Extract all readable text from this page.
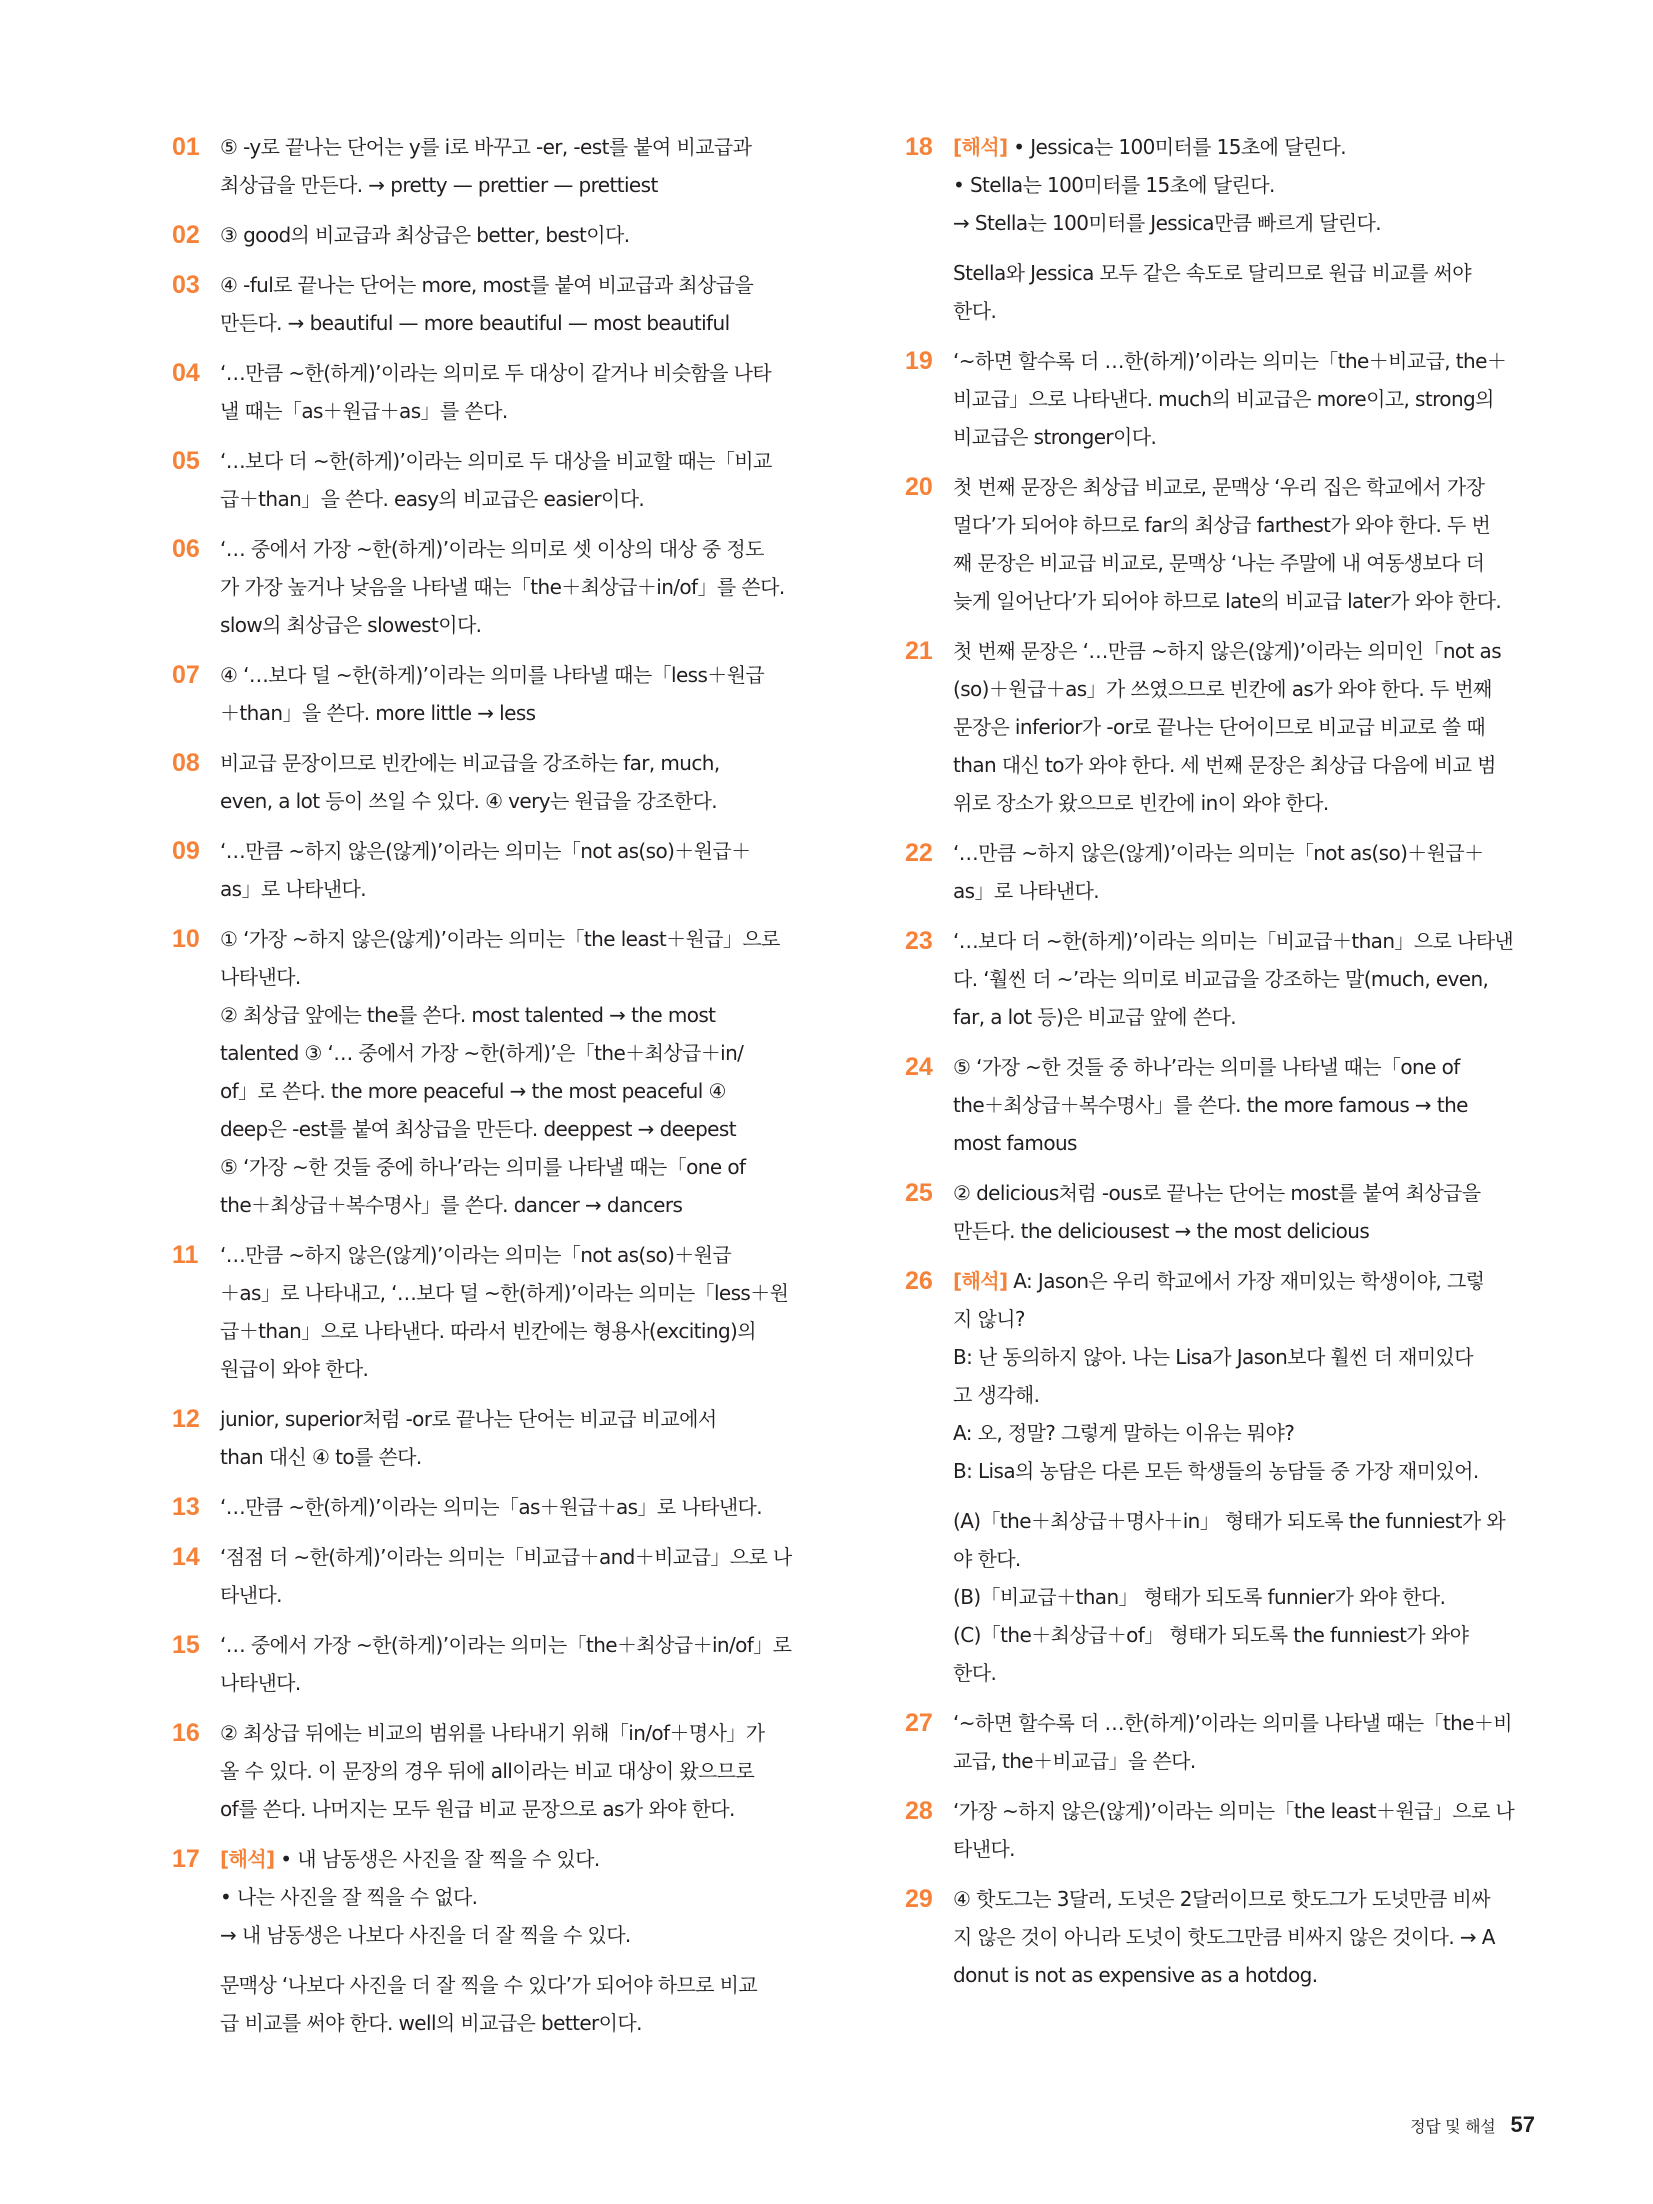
01 ⑤ -y로 끝나는 단어는 y를 i로 바꾸고 -er, -est를 붙여 비교급과
최상급을 만든다. → pretty — prettier — prettiest
02 ③ good의 비교급과 최상급은 better, best이다.
03 ④ -ful로 끝나는 단어는 more, most를 붙여 비교급과 최상급을
만든다. → beautiful — more beautiful — most beautiful
04 ‘…만큼 ~한(하게)’이라는 의미로 두 대상이 같거나 비슷함을 나타
낼 때는「as＋원급＋as」를 쓴다.
05 ‘…보다 더 ~한(하게)’이라는 의미로 두 대상을 비교할 때는「비교
급＋than」을 쓴다. easy의 비교급은 easier이다.
06 ‘… 중에서 가장 ~한(하게)’이라는 의미로 셋 이상의 대상 중 정도
가 가장 높거나 낮음을 나타낼 때는「the＋최상급＋in/of」를 쓴다.
slow의 최상급은 slowest이다.
07 ④ ‘…보다 덜 ~한(하게)’이라는 의미를 나타낼 때는「less＋원급
＋than」을 쓴다. more little → less
08 비교급 문장이므로 빈칸에는 비교급을 강조하는 far, much,
even, a lot 등이 쓰일 수 있다. ④ very는 원급을 강조한다.
09 ‘…만큼 ~하지 않은(않게)’이라는 의미는「not as(so)＋원급＋
as」로 나타낸다.
10 ① ‘가장 ~하지 않은(않게)’이라는 의미는「the least＋원급」으로
나타낸다.
② 최상급 앞에는 the를 쓴다. most talented → the most
talented ③ ‘… 중에서 가장 ~한(하게)’은「the＋최상급＋in/
of」로 쓴다. the more peaceful → the most peaceful ④
deep은 -est를 붙여 최상급을 만든다. deeppest → deepest
⑤ ‘가장 ~한 것들 중에 하나’라는 의미를 나타낼 때는「one of
the＋최상급＋복수명사」를 쓴다. dancer → dancers
11 ‘…만큼 ~하지 않은(않게)’이라는 의미는「not as(so)＋원급
＋as」로 나타내고, ‘…보다 덜 ~한(하게)’이라는 의미는「less＋원
급＋than」으로 나타낸다. 따라서 빈칸에는 형용사(exciting)의
원급이 와야 한다.
12 junior, superior처럼 -or로 끝나는 단어는 비교급 비교에서
than 대신 ④ to를 쓴다.
13 ‘…만큼 ~한(하게)’이라는 의미는「as＋원급＋as」로 나타낸다.
14 ‘점점 더 ~한(하게)’이라는 의미는「비교급＋and＋비교급」으로 나
타낸다.
15 ‘… 중에서 가장 ~한(하게)’이라는 의미는「the＋최상급＋in/of」로
나타낸다.
16 ② 최상급 뒤에는 비교의 범위를 나타내기 위해「in/of＋명사」가
올 수 있다. 이 문장의 경우 뒤에 all이라는 비교 대상이 왔으므로
of를 쓴다. 나머지는 모두 원급 비교 문장으로 as가 와야 한다.
17 [해석] • 내 남동생은 사진을 잘 찍을 수 있다.
• 나는 사진을 잘 찍을 수 없다.
→ 내 남동생은 나보다 사진을 더 잘 찍을 수 있다.
문맥상 ‘나보다 사진을 더 잘 찍을 수 있다’가 되어야 하므로 비교
급 비교를 써야 한다. well의 비교급은 better이다.
18 [해석] • Jessica는 100미터를 15초에 달린다.
• Stella는 100미터를 15초에 달린다.
→ Stella는 100미터를 Jessica만큼 빠르게 달린다.
Stella와 Jessica 모두 같은 속도로 달리므로 원급 비교를 써야
한다.
19 ‘~하면 할수록 더 …한(하게)’이라는 의미는「the＋비교급, the＋
비교급」으로 나타낸다. much의 비교급은 more이고, strong의
비교급은 stronger이다.
20 첫 번째 문장은 최상급 비교로, 문맥상 ‘우리 집은 학교에서 가장
멀다’가 되어야 하므로 far의 최상급 farthest가 와야 한다. 두 번
째 문장은 비교급 비교로, 문맥상 ‘나는 주말에 내 여동생보다 더
늦게 일어난다’가 되어야 하므로 late의 비교급 later가 와야 한다.
21 첫 번째 문장은 ‘…만큼 ~하지 않은(않게)’이라는 의미인「not as
(so)＋원급＋as」가 쓰였으므로 빈칸에 as가 와야 한다. 두 번째
문장은 inferior가 -or로 끝나는 단어이므로 비교급 비교로 쓸 때
than 대신 to가 와야 한다. 세 번째 문장은 최상급 다음에 비교 범
위로 장소가 왔으므로 빈칸에 in이 와야 한다.
22 ‘…만큼 ~하지 않은(않게)’이라는 의미는「not as(so)＋원급＋
as」로 나타낸다.
23 ‘…보다 더 ~한(하게)’이라는 의미는「비교급＋than」으로 나타낸
다. ‘훨씬 더 ~’라는 의미로 비교급을 강조하는 말(much, even,
far, a lot 등)은 비교급 앞에 쓴다.
24 ⑤ ‘가장 ~한 것들 중 하나’라는 의미를 나타낼 때는「one of
the＋최상급＋복수명사」를 쓴다. the more famous → the
most famous
25 ② delicious처럼 -ous로 끝나는 단어는 most를 붙여 최상급을
만든다. the deliciousest → the most delicious
26 [해석] A: Jason은 우리 학교에서 가장 재미있는 학생이야, 그렇
지 않니?
B: 난 동의하지 않아. 나는 Lisa가 Jason보다 훨씬 더 재미있다
고 생각해.
A: 오, 정말? 그렇게 말하는 이유는 뭐야?
B: Lisa의 농담은 다른 모든 학생들의 농담들 중 가장 재미있어.
(A)「the＋최상급＋명사＋in」 형태가 되도록 the funniest가 와
야 한다.
(B)「비교급＋than」 형태가 되도록 funnier가 와야 한다.
(C)「the＋최상급＋of」 형태가 되도록 the funniest가 와야
한다.
27 ‘~하면 할수록 더 …한(하게)’이라는 의미를 나타낼 때는「the＋비
교급, the＋비교급」을 쓴다.
28 ‘가장 ~하지 않은(않게)’이라는 의미는「the least＋원급」으로 나
타낸다.
29 ④ 핫도그는 3달러, 도넛은 2달러이므로 핫도그가 도넛만큼 비싸
지 않은 것이 아니라 도넛이 핫도그만큼 비싸지 않은 것이다. → A
donut is not as expensive as a hotdog.
정답 및 해설 57
